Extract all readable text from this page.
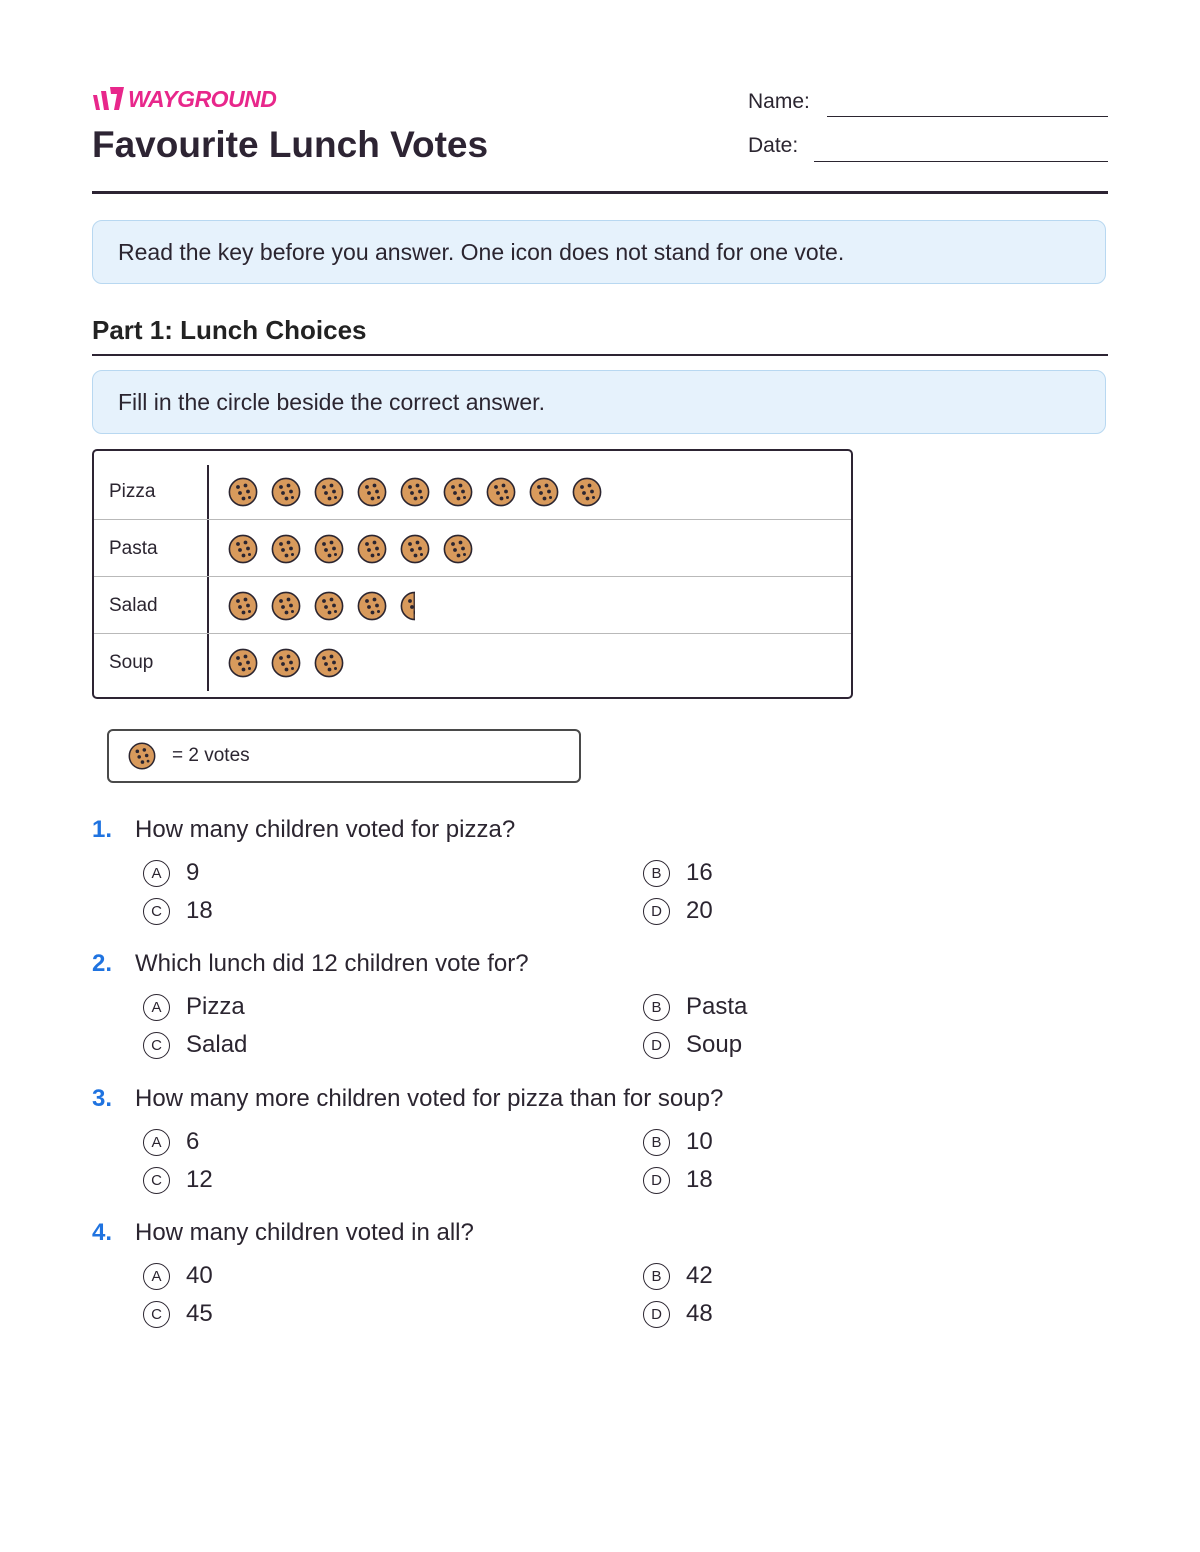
WAYGROUND
Favourite Lunch Votes
Name:
Date:
Read the key before you answer. One icon does not stand for one vote.
Part 1: Lunch Choices
Fill in the circle beside the correct answer.
Pizza
Pasta
Salad
Soup
= 2 votes
1. How many children voted for pizza?
A	9	B	16
C	18	D	20
2. Which lunch did 12 children vote for?
A	Pizza	B	Pasta
C	Salad	D	Soup
3. How many more children voted for pizza than for soup?
A	6	B	10
C	12	D	18
4. How many children voted in all?
A	40	B	42
C	45	D	48
